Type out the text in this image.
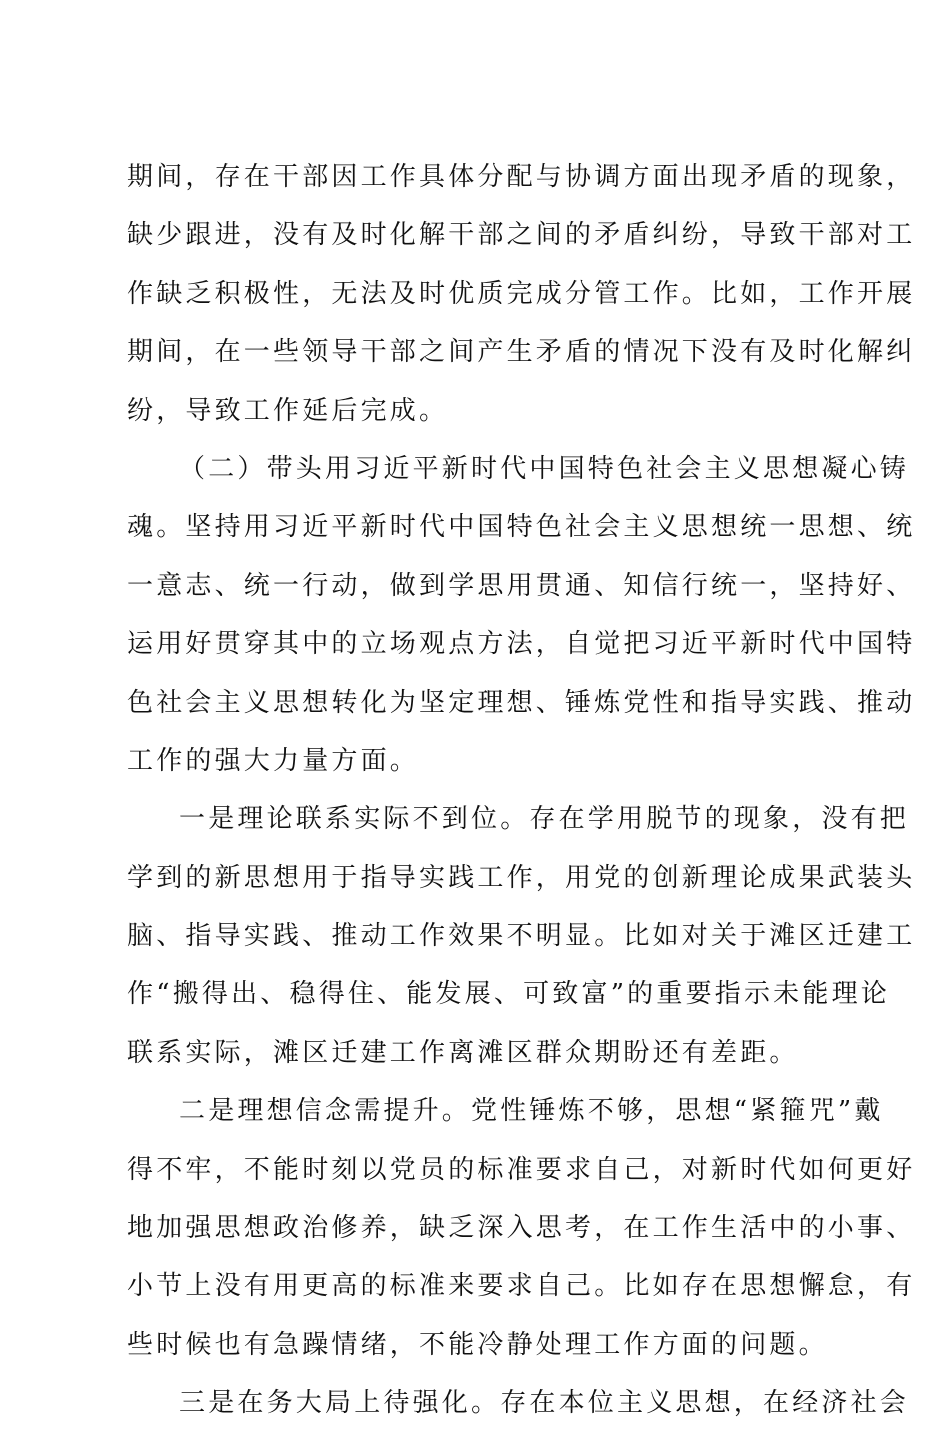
期间，存在干部因工作具体分配与协调方面出现矛盾的现象，
缺少跟进，没有及时化解干部之间的矛盾纠纷，导致干部对工
作缺乏积极性，无法及时优质完成分管工作。比如，工作开展
期间，在一些领导干部之间产生矛盾的情况下没有及时化解纠
纷，导致工作延后完成。
（二）带头用习近平新时代中国特色社会主义思想凝心铸
魂。坚持用习近平新时代中国特色社会主义思想统一思想、统
一意志、统一行动，做到学思用贯通、知信行统一，坚持好、
运用好贯穿其中的立场观点方法，自觉把习近平新时代中国特
色社会主义思想转化为坚定理想、锤炼党性和指导实践、推动
工作的强大力量方面。
一是理论联系实际不到位。存在学用脱节的现象，没有把
学到的新思想用于指导实践工作，用党的创新理论成果武装头
脑、指导实践、推动工作效果不明显。比如对关于滩区迁建工
作“搬得出、稳得住、能发展、可致富”的重要指示未能理论
联系实际，滩区迁建工作离滩区群众期盼还有差距。
二是理想信念需提升。党性锤炼不够，思想“紧箍咒”戴
得不牢，不能时刻以党员的标准要求自己，对新时代如何更好
地加强思想政治修养，缺乏深入思考，在工作生活中的小事、
小节上没有用更高的标准来要求自己。比如存在思想懈怠，有
些时候也有急躁情绪，不能冷静处理工作方面的问题。
三是在务大局上待强化。存在本位主义思想，在经济社会
